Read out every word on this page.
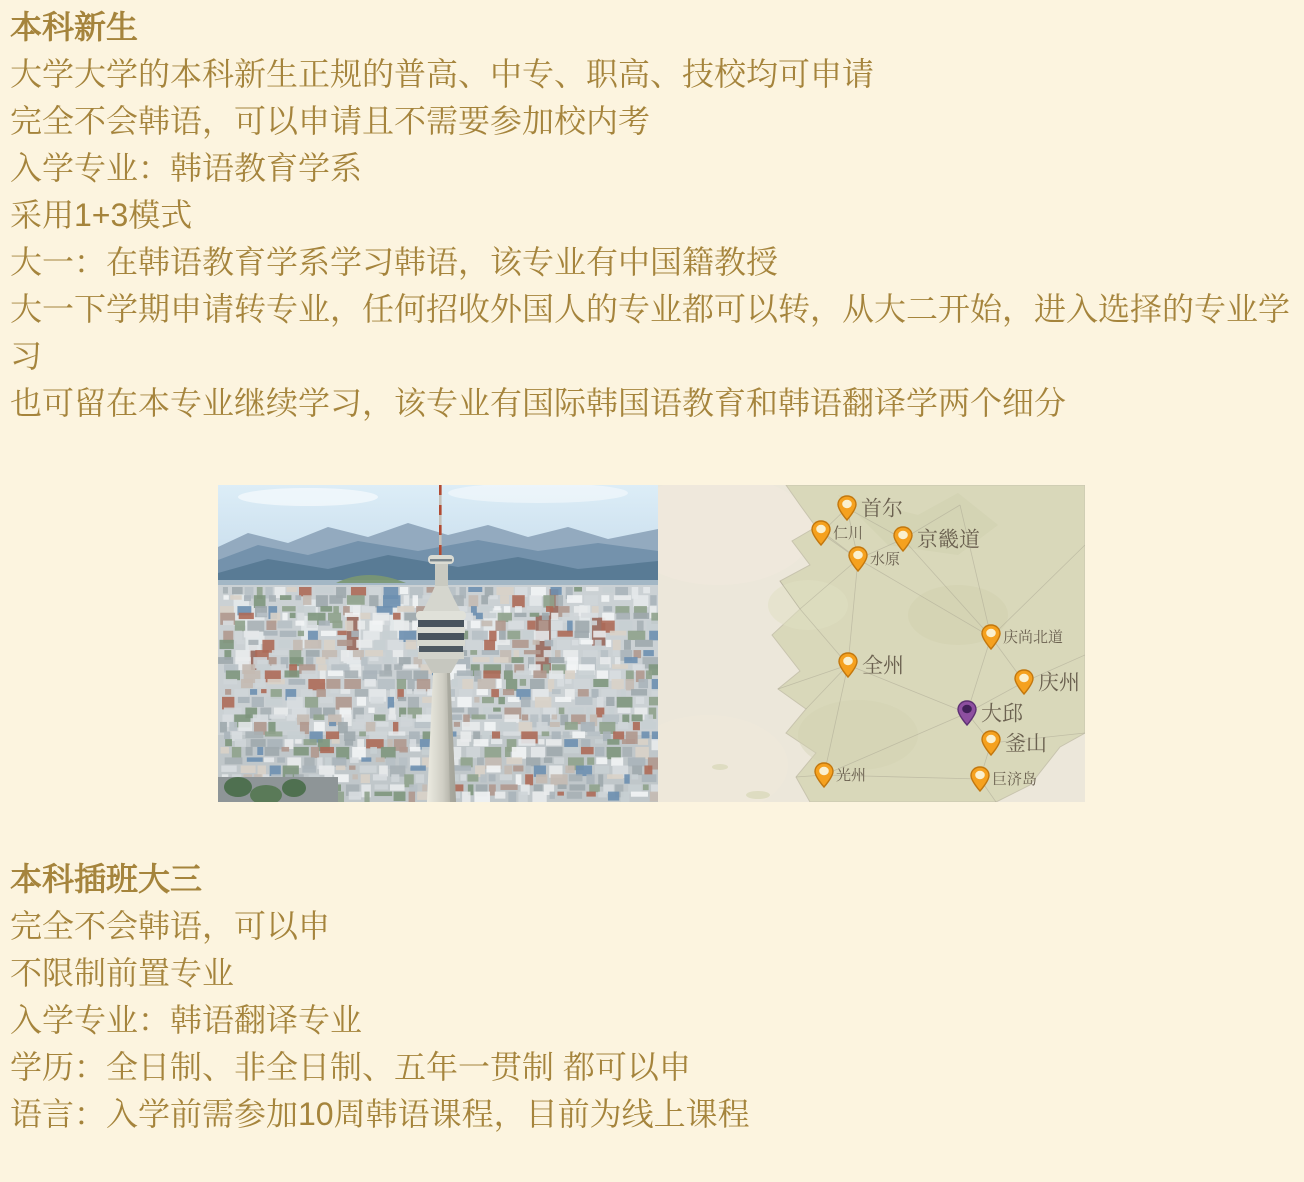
本科新生
大学大学的本科新生正规的普高、中专、职高、技校均可申请
完全不会韩语，可以申请且不需要参加校内考
入学专业：韩语教育学系
采用1+3模式
大一：在韩语教育学系学习韩语，该专业有中国籍教授
大一下学期申请转专业，任何招收外国人的专业都可以转，从大二开始，进入选择的专业学
习
也可留在本专业继续学习，该专业有国际韩国语教育和韩语翻译学两个细分
首尔
仁川	京畿道
水原
庆尚北道
全州
庆州
大邱
釜山
光州	巨济岛
本科插班大三
完全不会韩语，可以申
不限制前置专业
入学专业：韩语翻译专业
学历：全日制、非全日制、五年一贯制 都可以申
语言：入学前需参加10周韩语课程，目前为线上课程
